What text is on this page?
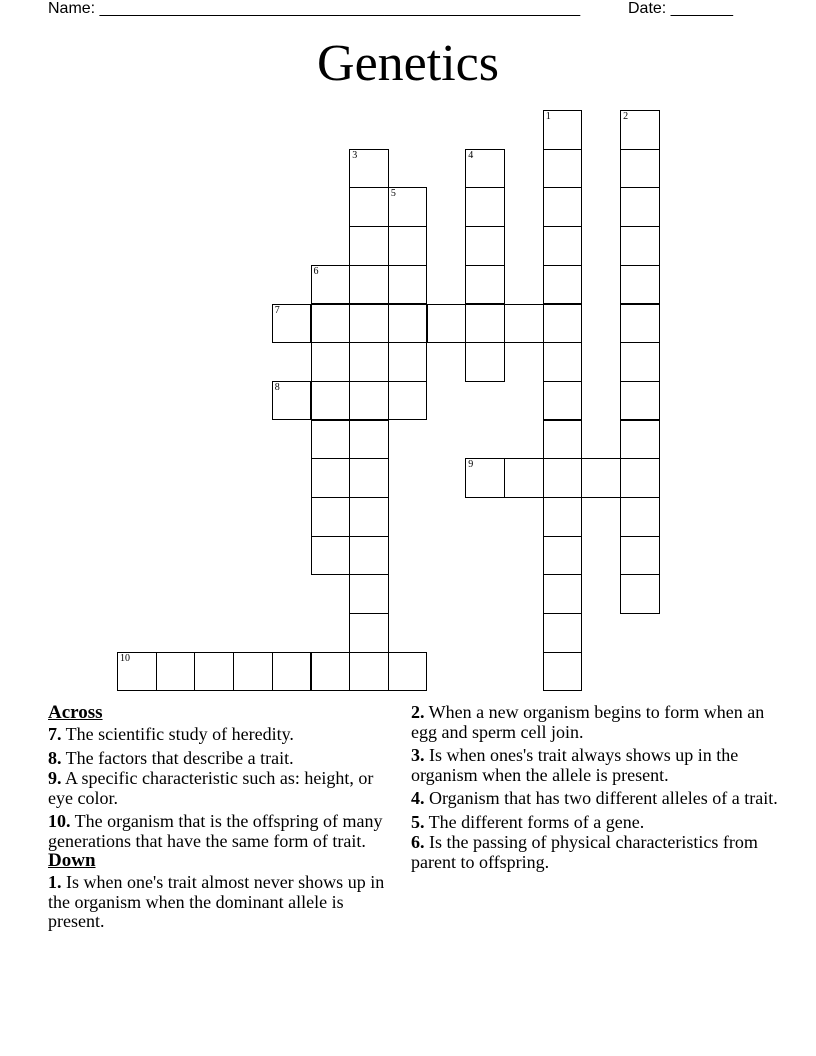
Name: ______________________________________________________	Date: _______
Genetics
1	2
3	4
5
6
7
8
9
10
Across
7. The scientific study of heredity.
8. The factors that describe a trait.
9. A specific characteristic such as: height, or eye color.
10. The organism that is the offspring of many generations that have the same form of trait.
Down
1. Is when one's trait almost never shows up in the organism when the dominant allele is present.
2. When a new organism begins to form when an egg and sperm cell join.
3. Is when ones's trait always shows up in the organism when the allele is present.
4. Organism that has two different alleles of a trait.
5. The different forms of a gene.
6. Is the passing of physical characteristics from parent to offspring.
